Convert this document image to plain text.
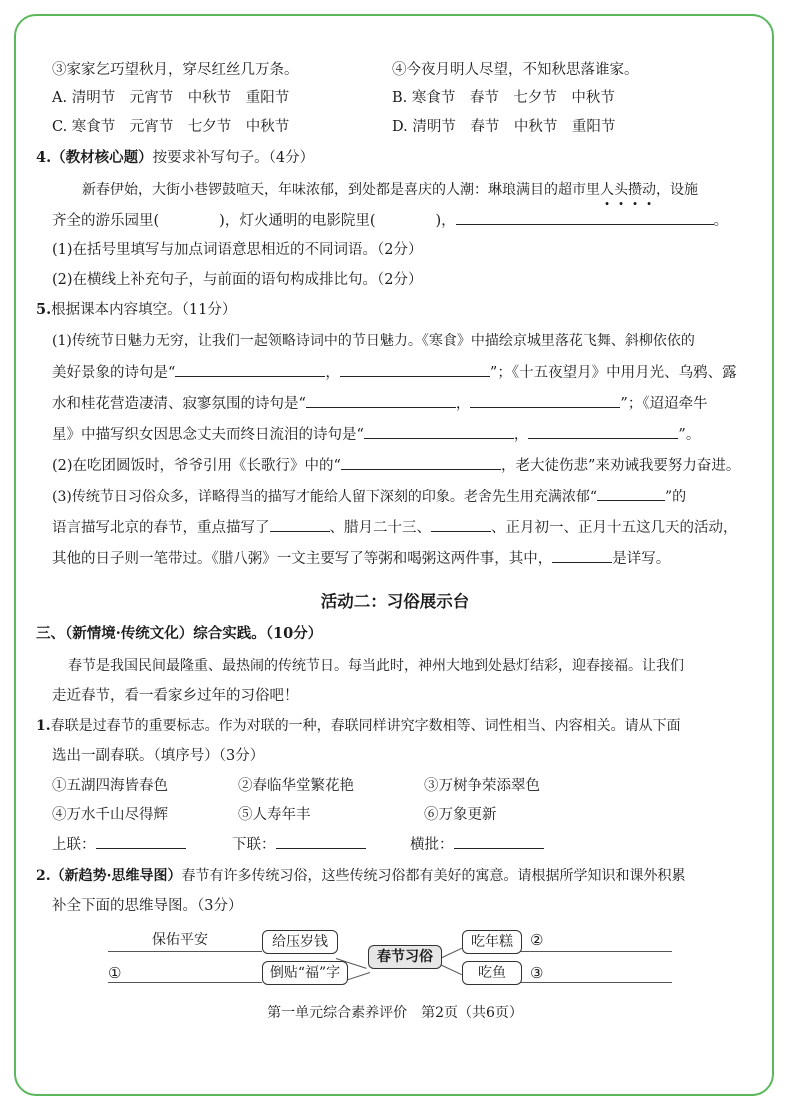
③家家乞巧望秋月，穿尽红丝几万条。	④今夜月明人尽望，不知秋思落谁家。
A. 清明节　元宵节　中秋节　重阳节	B. 寒食节　春节　七夕节　中秋节
C. 寒食节　元宵节　七夕节　中秋节	D. 清明节　春节　中秋节　重阳节
4.（教材核心题）按要求补写句子。（4分）
新春伊始，大街小巷锣鼓喧天，年味浓郁，到处都是喜庆的人潮：琳琅满目的超市里人头攒动，设施
齐全的游乐园里(	)，灯火通明的电影院里(	)，	。
(1)在括号里填写与加点词语意思相近的不同词语。（2分）
(2)在横线上补充句子，与前面的语句构成排比句。（2分）
5.根据课本内容填空。（11分）
(1)传统节日魅力无穷，让我们一起领略诗词中的节日魅力。《寒食》中描绘京城里落花飞舞、斜柳依依的
美好景象的诗句是“	，	”；《十五夜望月》中用月光、乌鸦、露
水和桂花营造凄清、寂寥氛围的诗句是“	，	”；《迢迢牵牛
星》中描写织女因思念丈夫而终日流泪的诗句是“	，	”。
(2)在吃团圆饭时，爷爷引用《长歌行》中的“	，老大徒伤悲”来劝诫我要努力奋进。
(3)传统节日习俗众多，详略得当的描写才能给人留下深刻的印象。老舍先生用充满浓郁“	”的
语言描写北京的春节，重点描写了	、腊月二十三、	、正月初一、正月十五这几天的活动，
其他的日子则一笔带过。《腊八粥》一文主要写了等粥和喝粥这两件事，其中，	是详写。
活动二：习俗展示台
三、（新情境·传统文化）综合实践。（10分）
春节是我国民间最隆重、最热闹的传统节日。每当此时，神州大地到处悬灯结彩，迎春接福。让我们
走近春节，看一看家乡过年的习俗吧！
1.春联是过春节的重要标志。作为对联的一种，春联同样讲究字数相等、词性相当、内容相关。请从下面
选出一副春联。（填序号）（3分）
①五湖四海皆春色	②春临华堂繁花艳	③万树争荣添翠色
④万水千山尽得辉	⑤人寿年丰	⑥万象更新
上联：	下联：	横批：
2.（新趋势·思维导图）春节有许多传统习俗，这些传统习俗都有美好的寓意。请根据所学知识和课外积累
补全下面的思维导图。（3分）
保佑平安
①
给压岁钱
倒贴“福”字
春节习俗
吃年糕
吃鱼
②
③
第一单元综合素养评价　第2页（共6页）
